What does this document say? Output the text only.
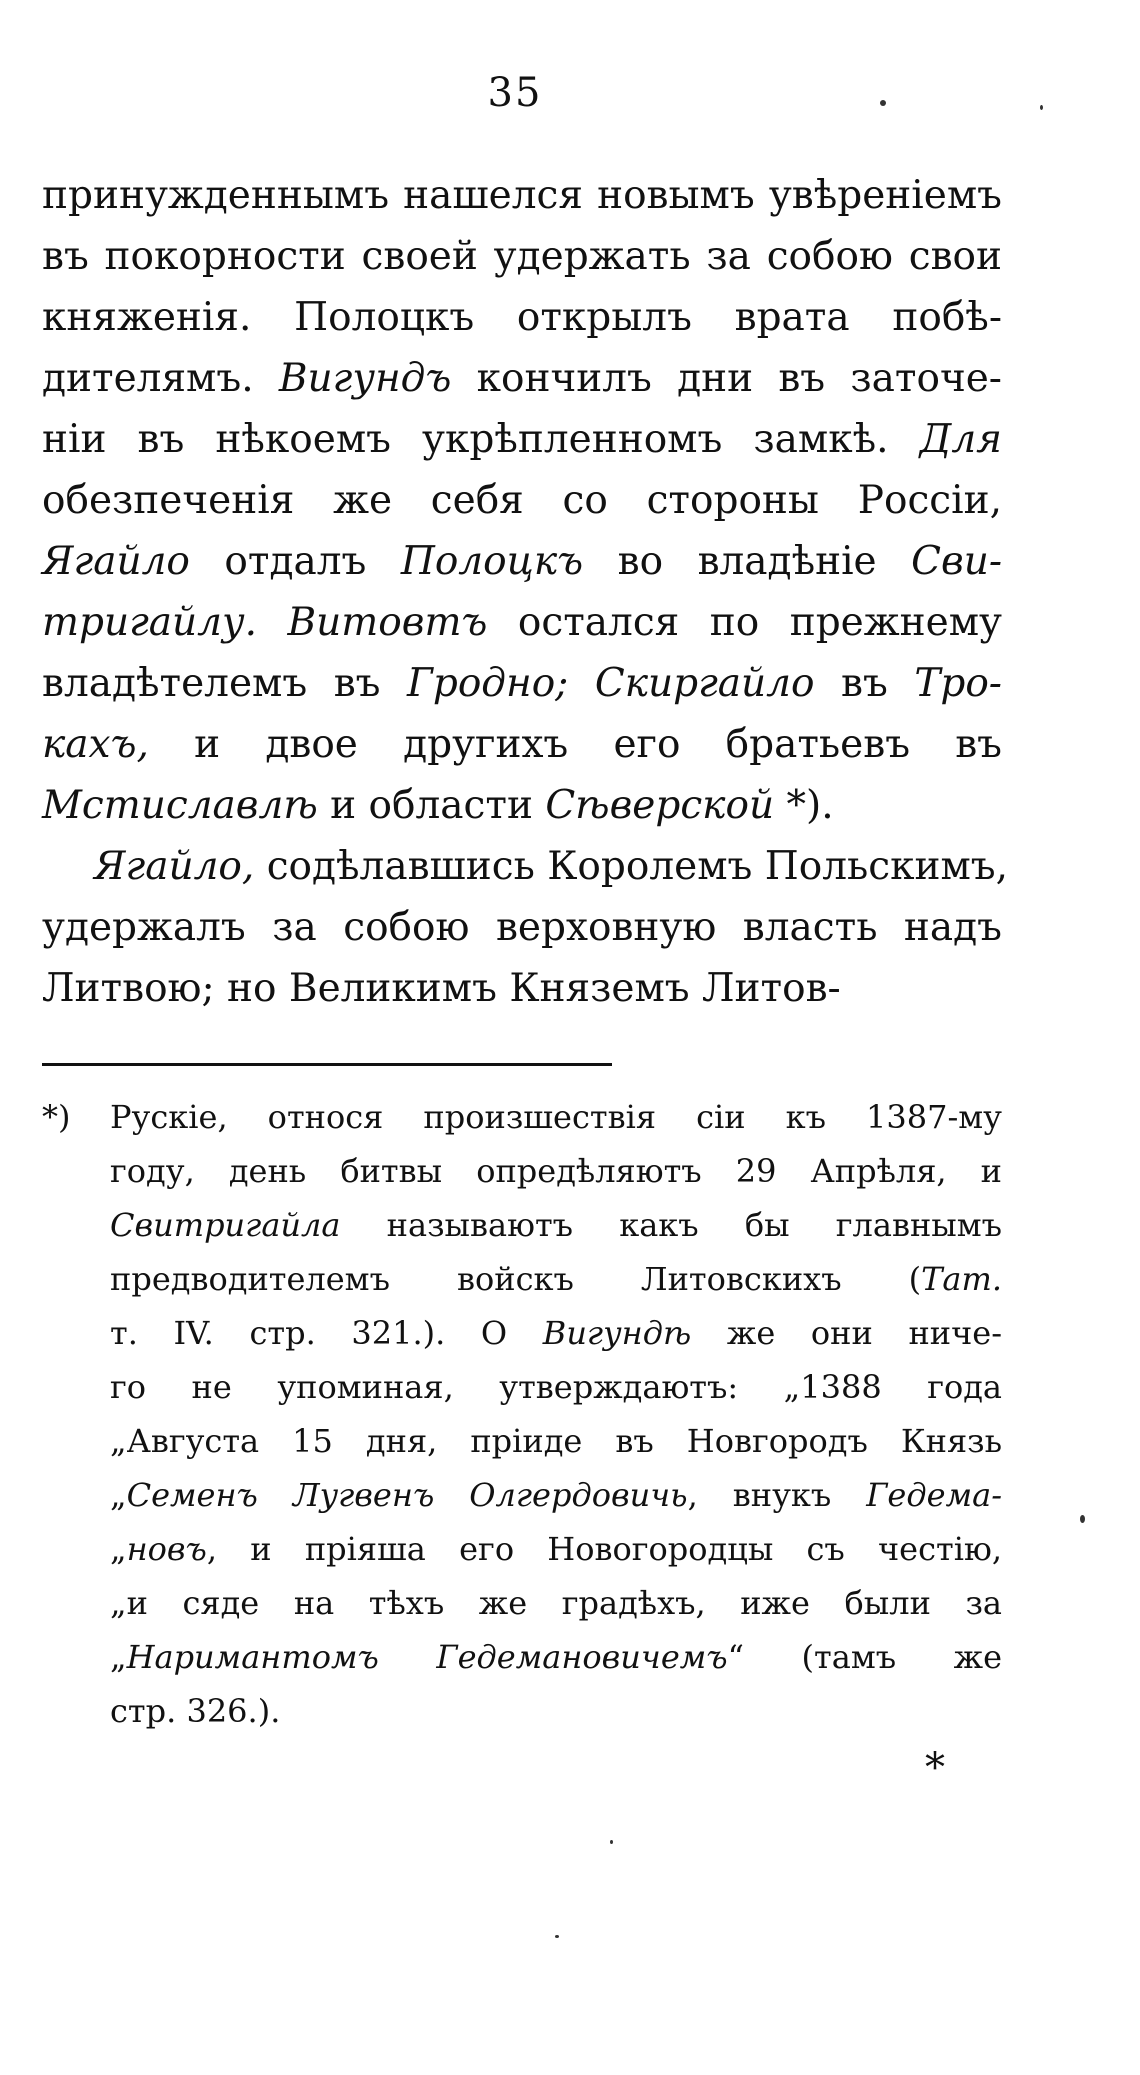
35
принужденнымъ нашелся новымъ увѣреніемъ
въ покорности своей удержать за собою свои
княженія. Полоцкъ открылъ врата побѣ-
дителямъ. Вигундъ кончилъ дни въ заточе-
ніи въ нѣкоемъ укрѣпленномъ замкѣ. Для
обезпеченія же себя со стороны Россіи,
Ягайло отдалъ Полоцкъ во владѣніе Сви-
тригайлу. Витовтъ остался по прежнему
владѣтелемъ въ Гродно; Скиргайло въ Тро-
кахъ, и двое другихъ его братьевъ въ
Мстиславлѣ и области Сѣверской *).
Ягайло, содѣлавшись Королемъ Польскимъ,
удержалъ за собою верховную власть надъ
Литвою; но Великимъ Княземъ Литов-
*) Рускіе, относя произшествія сіи къ 1387-му
году, день битвы опредѣляютъ 29 Апрѣля, и
Свитригайла называютъ какъ бы главнымъ
предводителемъ войскъ Литовскихъ (Тат.
т. IV. стр. 321.). О Вигундѣ же они ниче-
го не упоминая, утверждаютъ: „1388 года
„Августа 15 дня, пріиде въ Новгородъ Князь
„Семенъ Лугвенъ Олгердовичь, внукъ Гедема-
„новъ, и пріяша его Новогородцы съ честію,
„и сяде на тѣхъ же градѣхъ, иже были за
„Наримантомъ Гедемановичемъ“ (тамъ же
стр. 326.).
*
